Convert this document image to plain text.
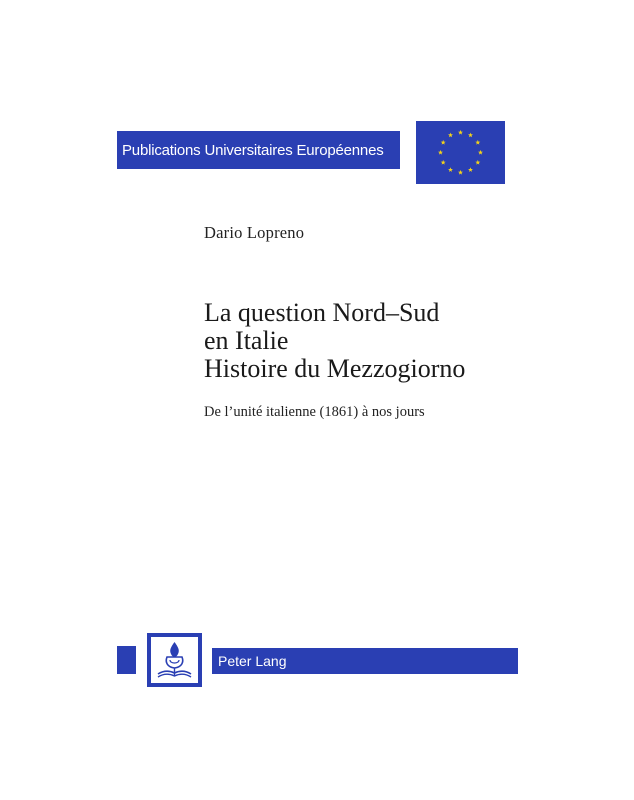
Publications Universitaires Européennes
Dario Lopreno
La question Nord–Sud
en Italie
Histoire du Mezzogiorno
De l’unité italienne (1861) à nos jours
Peter Lang
